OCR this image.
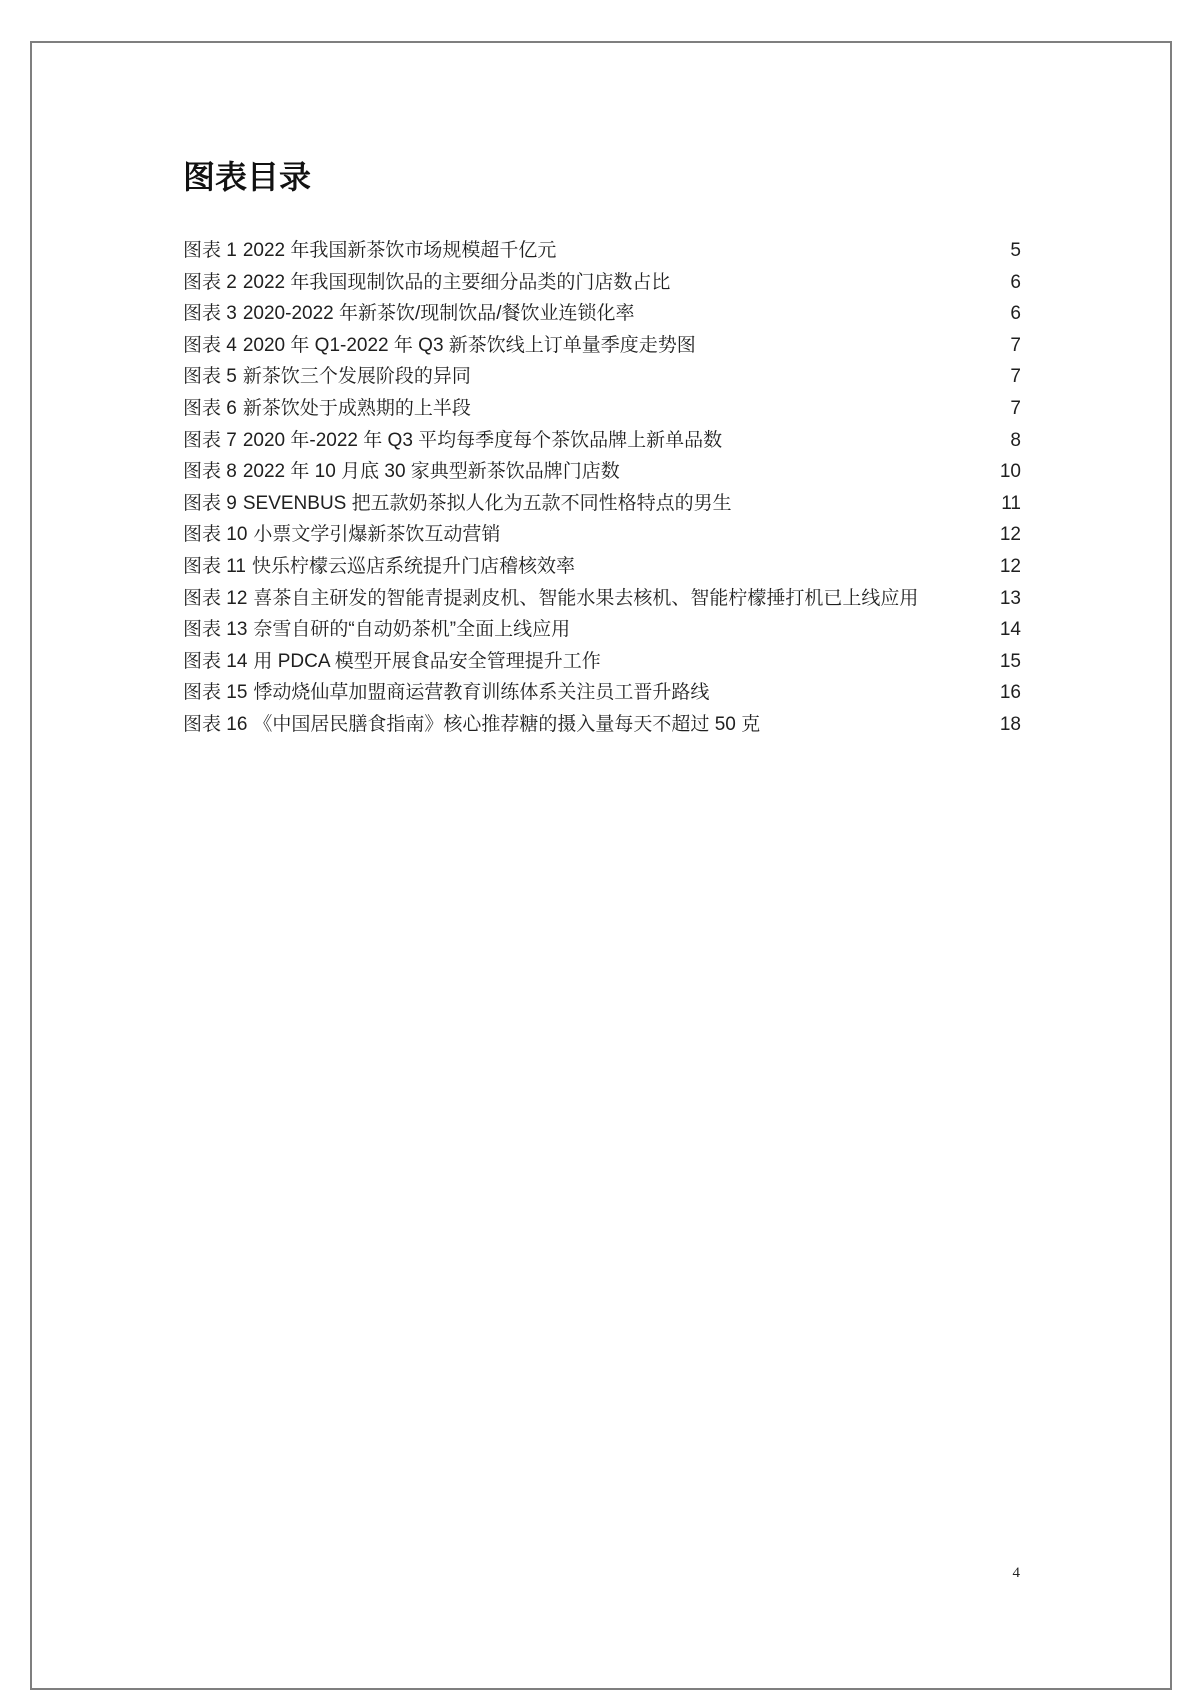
图表目录
图表 1 2022 年我国新茶饮市场规模超千亿元	5
图表 2 2022 年我国现制饮品的主要细分品类的门店数占比	6
图表 3 2020-2022 年新茶饮/现制饮品/餐饮业连锁化率	6
图表 4 2020 年 Q1-2022 年 Q3 新茶饮线上订单量季度走势图	7
图表 5 新茶饮三个发展阶段的异同	7
图表 6 新茶饮处于成熟期的上半段	7
图表 7 2020 年-2022 年 Q3 平均每季度每个茶饮品牌上新单品数	8
图表 8 2022 年 10 月底 30 家典型新茶饮品牌门店数	10
图表 9 SEVENBUS 把五款奶茶拟人化为五款不同性格特点的男生	11
图表 10 小票文学引爆新茶饮互动营销	12
图表 11 快乐柠檬云巡店系统提升门店稽核效率	12
图表 12 喜茶自主研发的智能青提剥皮机、智能水果去核机、智能柠檬捶打机已上线应用	13
图表 13 奈雪自研的“自动奶茶机”全面上线应用	14
图表 14 用 PDCA 模型开展食品安全管理提升工作	15
图表 15 悸动烧仙草加盟商运营教育训练体系关注员工晋升路线	16
图表 16 《中国居民膳食指南》核心推荐糖的摄入量每天不超过 50 克	18
4
